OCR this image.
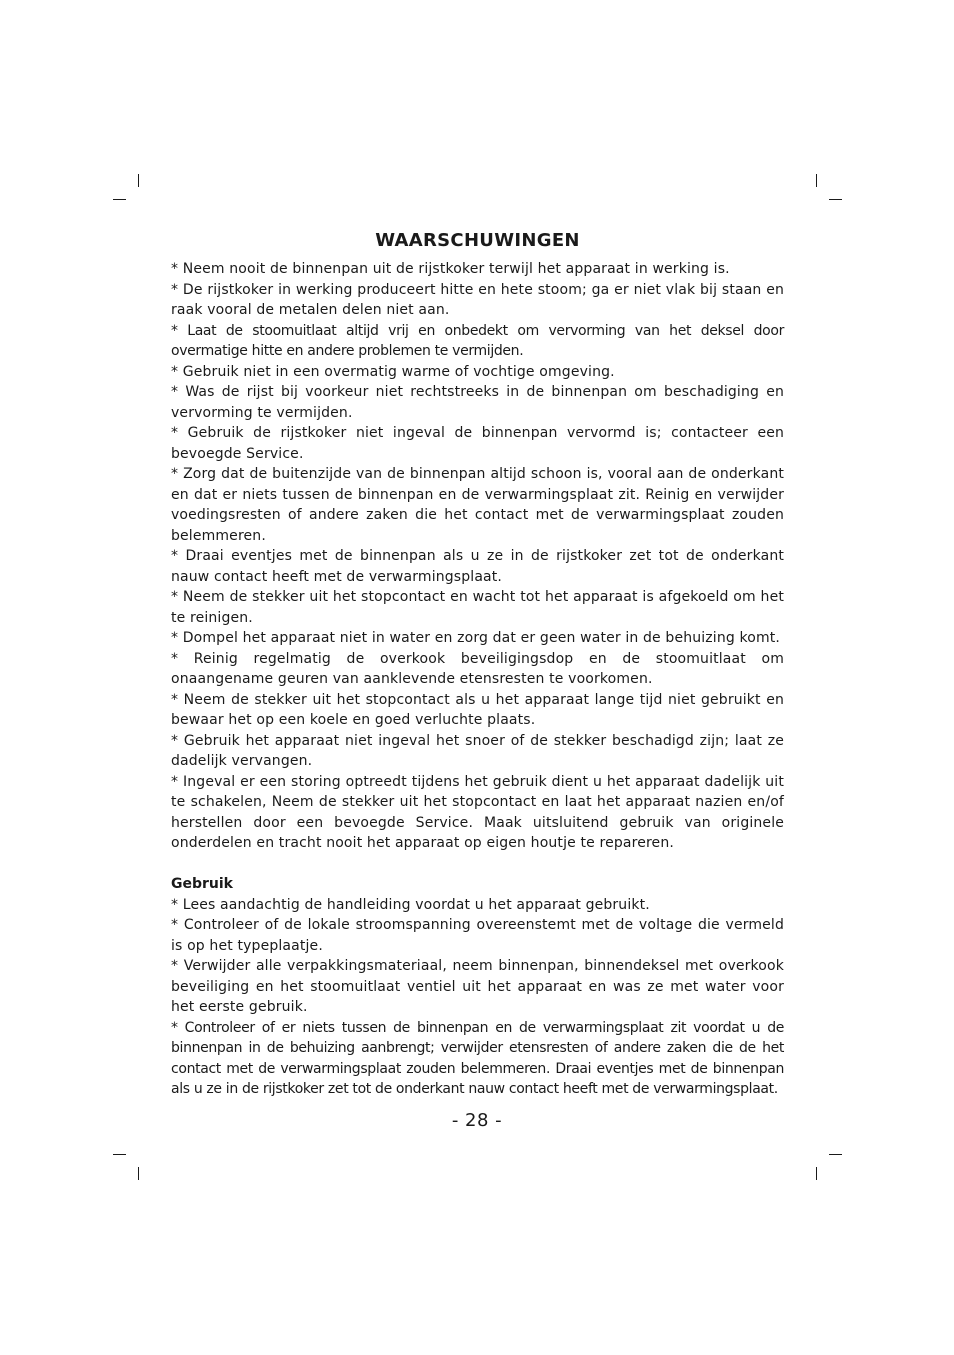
WAARSCHUWINGEN

* Neem nooit de binnenpan uit de rijstkoker terwijl het apparaat in werking is.

* De rijstkoker in werking produceert hitte en hete stoom; ga er niet vlak bij staan en raak vooral de metalen delen niet aan.

* Laat de stoomuitlaat altijd vrij en onbedekt om vervorming van het deksel door overmatige hitte en andere problemen te vermijden.

* Gebruik niet in een overmatig warme of vochtige omgeving.

* Was de rijst bij voorkeur niet rechtstreeks in de binnenpan om beschadiging en vervorming te vermijden.

* Gebruik de rijstkoker niet ingeval de binnenpan vervormd is; contacteer een bevoegde Service.

* Zorg dat de buitenzijde van de binnenpan altijd schoon is, vooral aan de onderkant en dat er niets tussen de binnenpan en de verwarmingsplaat zit. Reinig en verwijder voedingsresten of andere zaken die het contact met de verwarmingsplaat zouden belemmeren.

* Draai eventjes met de binnenpan als u ze in de rijstkoker zet tot de onderkant nauw contact heeft met de verwarmingsplaat.

* Neem de stekker uit het stopcontact en wacht tot het apparaat is afgekoeld om het te reinigen.

* Dompel het apparaat niet in water en zorg dat er geen water in de behuizing komt.

* Reinig regelmatig de overkook beveiligingsdop en de stoomuitlaat om onaangename geuren van aanklevende etensresten te voorkomen.

* Neem de stekker uit het stopcontact als u het apparaat lange tijd niet gebruikt en bewaar het op een koele en goed verluchte plaats.

* Gebruik het apparaat niet ingeval het snoer of de stekker beschadigd zijn; laat ze dadelijk vervangen.

* Ingeval er een storing optreedt tijdens het gebruik dient u het apparaat dadelijk uit te schakelen, Neem de stekker uit het stopcontact en laat het apparaat nazien en/of herstellen door een bevoegde Service. Maak uitsluitend gebruik van originele onderdelen en tracht nooit het apparaat op eigen houtje te repareren.

Gebruik

* Lees aandachtig de handleiding voordat u het apparaat gebruikt.

* Controleer of de lokale stroomspanning overeenstemt met de voltage die vermeld is op het typeplaatje.

* Verwijder alle verpakkingsmateriaal, neem binnenpan, binnendeksel met overkook beveiliging en het stoomuitlaat ventiel uit het apparaat en was ze met water voor het eerste gebruik.

* Controleer of er niets tussen de binnenpan en de verwarmingsplaat zit voordat u de binnenpan in de behuizing aanbrengt; verwijder etensresten of andere zaken die de het contact met de verwarmingsplaat zouden belemmeren. Draai eventjes met de binnenpan als u ze in de rijstkoker zet tot de onderkant nauw contact heeft met de verwarmingsplaat.

- 28 -
